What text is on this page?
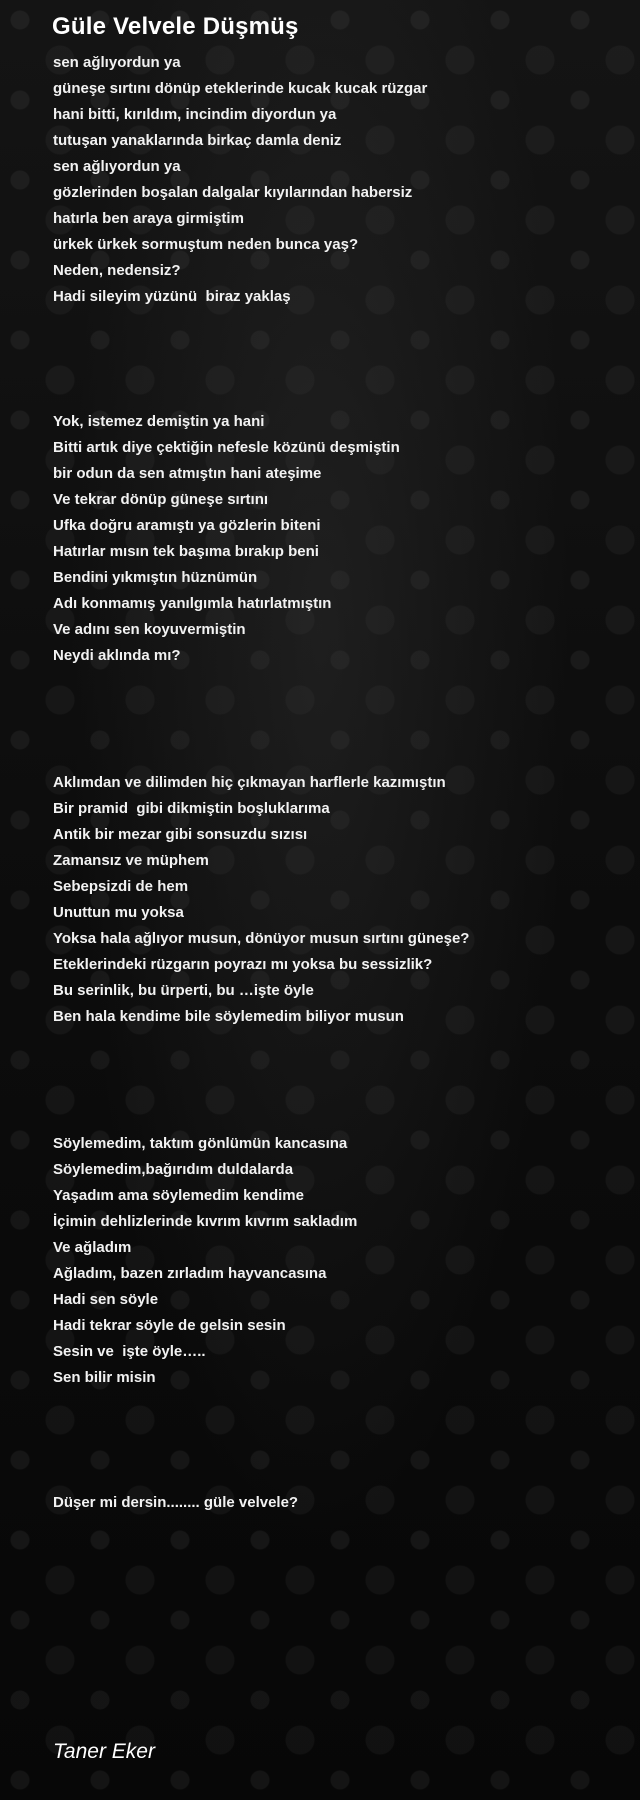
Güle Velvele Düşmüş
sen ağlıyordun ya
güneşe sırtını dönüp eteklerinde kucak kucak rüzgar
hani bitti, kırıldım, incindim diyordun ya
tutuşan yanaklarında birkaç damla deniz
sen ağlıyordun ya
gözlerinden boşalan dalgalar kıyılarından habersiz
hatırla ben araya girmiştim
ürkek ürkek sormuştum neden bunca yaş?
Neden, nedensiz?
Hadi sileyim yüzünü  biraz yaklaş
Yok, istemez demiştin ya hani
Bitti artık diye çektiğin nefesle közünü deşmiştin
bir odun da sen atmıştın hani ateşime
Ve tekrar dönüp güneşe sırtını
Ufka doğru aramıştı ya gözlerin biteni
Hatırlar mısın tek başıma bırakıp beni
Bendini yıkmıştın hüznümün
Adı konmamış yanılgımla hatırlatmıştın
Ve adını sen koyuvermiştin
Neydi aklında mı?
Aklımdan ve dilimden hiç çıkmayan harflerle kazımıştın
Bir pramid  gibi dikmiştin boşluklarıma
Antik bir mezar gibi sonsuzdu sızısı
Zamansız ve müphem
Sebepsizdi de hem
Unuttun mu yoksa
Yoksa hala ağlıyor musun, dönüyor musun sırtını güneşe?
Eteklerindeki rüzgarın poyrazı mı yoksa bu sessizlik?
Bu serinlik, bu ürperti, bu …işte öyle
Ben hala kendime bile söylemedim biliyor musun
Söylemedim, taktım gönlümün kancasına
Söylemedim,bağırıdım duldalarda
Yaşadım ama söylemedim kendime
İçimin dehlizlerinde kıvrım kıvrım sakladım
Ve ağladım
Ağladım, bazen zırladım hayvancasına
Hadi sen söyle
Hadi tekrar söyle de gelsin sesin
Sesin ve  işte öyle…..
Sen bilir misin
Düşer mi dersin........ güle velvele?
Taner Eker
